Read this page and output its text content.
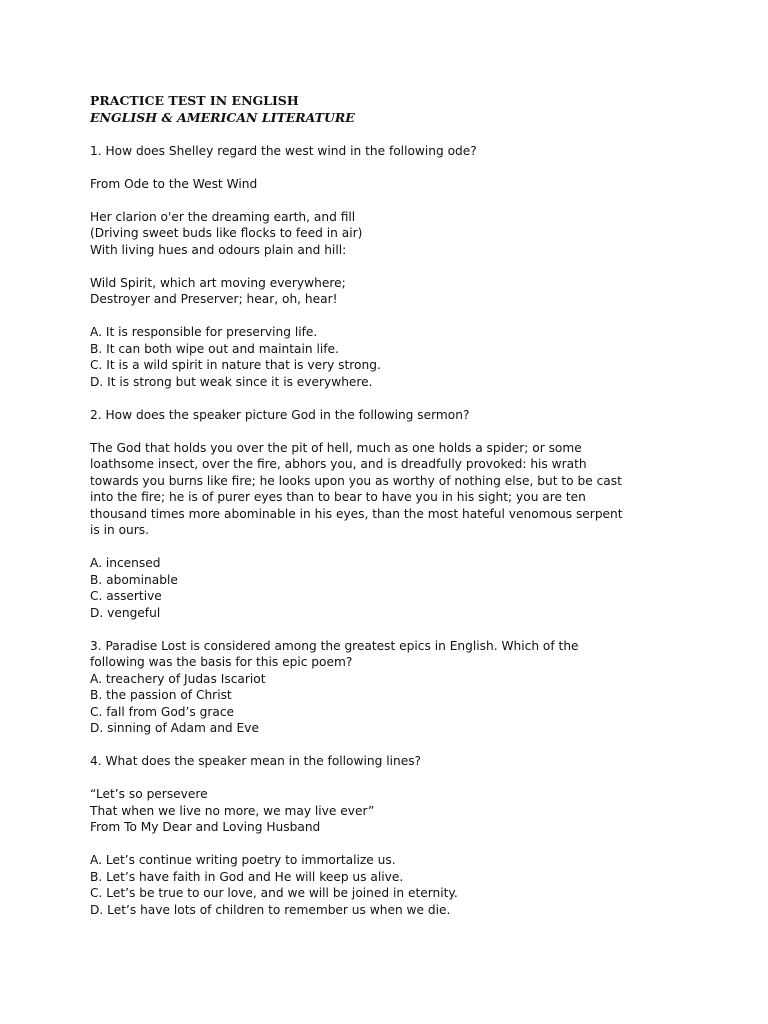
PRACTICE TEST IN ENGLISH
ENGLISH & AMERICAN LITERATURE
1. How does Shelley regard the west wind in the following ode?
From Ode to the West Wind
Her clarion o'er the dreaming earth, and fill
(Driving sweet buds like flocks to feed in air)
With living hues and odours plain and hill:
Wild Spirit, which art moving everywhere;
Destroyer and Preserver; hear, oh, hear!
A. It is responsible for preserving life.
B. It can both wipe out and maintain life.
C. It is a wild spirit in nature that is very strong.
D. It is strong but weak since it is everywhere.
2. How does the speaker picture God in the following sermon?
The God that holds you over the pit of hell, much as one holds a spider; or some
loathsome insect, over the fire, abhors you, and is dreadfully provoked: his wrath
towards you burns like fire; he looks upon you as worthy of nothing else, but to be cast
into the fire; he is of purer eyes than to bear to have you in his sight; you are ten
thousand times more abominable in his eyes, than the most hateful venomous serpent
is in ours.
A. incensed
B. abominable
C. assertive
D. vengeful
3. Paradise Lost is considered among the greatest epics in English. Which of the
following was the basis for this epic poem?
A. treachery of Judas Iscariot
B. the passion of Christ
C. fall from God’s grace
D. sinning of Adam and Eve
4. What does the speaker mean in the following lines?
“Let’s so persevere
That when we live no more, we may live ever”
From To My Dear and Loving Husband
A. Let’s continue writing poetry to immortalize us.
B. Let’s have faith in God and He will keep us alive.
C. Let’s be true to our love, and we will be joined in eternity.
D. Let’s have lots of children to remember us when we die.
